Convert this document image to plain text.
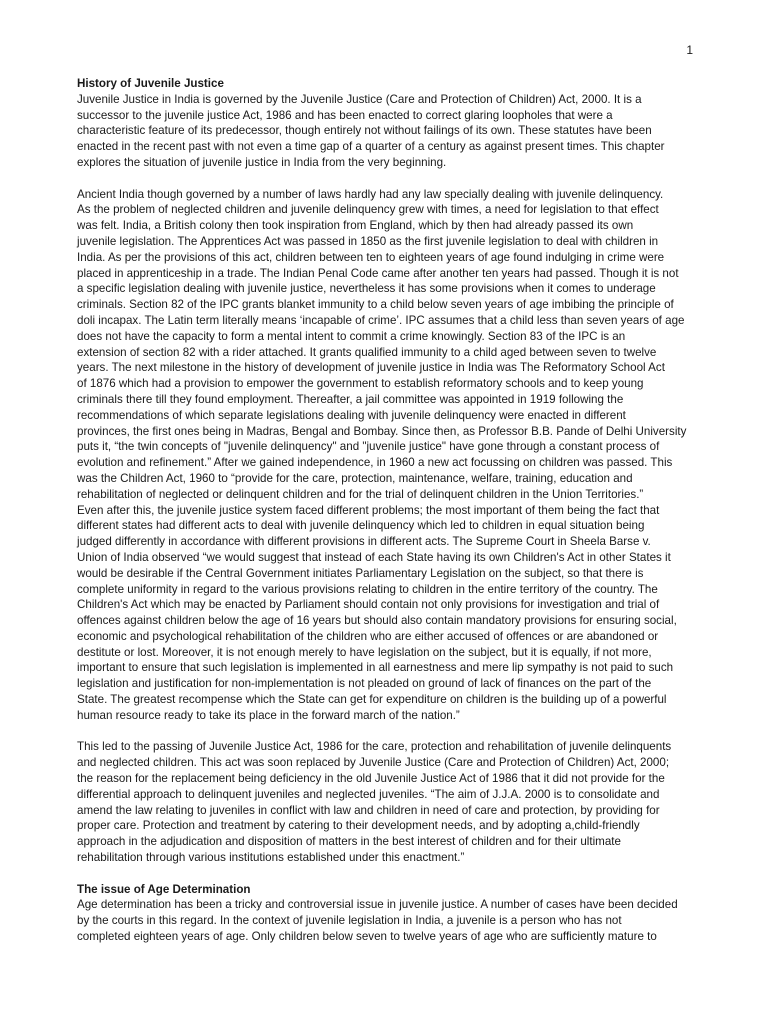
1
History of Juvenile Justice
Juvenile Justice in India is governed by the Juvenile Justice (Care and Protection of Children) Act, 2000. It is a
successor to the juvenile justice Act, 1986 and has been enacted to correct glaring loopholes that were a
characteristic feature of its predecessor, though entirely not without failings of its own. These statutes have been
enacted in the recent past with not even a time gap of a quarter of a century as against present times. This chapter
explores the situation of juvenile justice in India from the very beginning.
Ancient India though governed by a number of laws hardly had any law specially dealing with juvenile delinquency.
As the problem of neglected children and juvenile delinquency grew with times, a need for legislation to that effect
was felt. India, a British colony then took inspiration from England, which by then had already passed its own
juvenile legislation. The Apprentices Act was passed in 1850 as the first juvenile legislation to deal with children in
India. As per the provisions of this act, children between ten to eighteen years of age found indulging in crime were
placed in apprenticeship in a trade. The Indian Penal Code came after another ten years had passed. Though it is not
a specific legislation dealing with juvenile justice, nevertheless it has some provisions when it comes to underage
criminals. Section 82 of the IPC grants blanket immunity to a child below seven years of age imbibing the principle of
doli incapax. The Latin term literally means ‘incapable of crime’. IPC assumes that a child less than seven years of age
does not have the capacity to form a mental intent to commit a crime knowingly. Section 83 of the IPC is an
extension of section 82 with a rider attached. It grants qualified immunity to a child aged between seven to twelve
years. The next milestone in the history of development of juvenile justice in India was The Reformatory School Act
of 1876 which had a provision to empower the government to establish reformatory schools and to keep young
criminals there till they found employment. Thereafter, a jail committee was appointed in 1919 following the
recommendations of which separate legislations dealing with juvenile delinquency were enacted in different
provinces, the first ones being in Madras, Bengal and Bombay. Since then, as Professor B.B. Pande of Delhi University
puts it, “the twin concepts of "juvenile delinquency" and "juvenile justice" have gone through a constant process of
evolution and refinement.” After we gained independence, in 1960 a new act focussing on children was passed. This
was the Children Act, 1960 to “provide for the care, protection, maintenance, welfare, training, education and
rehabilitation of neglected or delinquent children and for the trial of delinquent children in the Union Territories.”
Even after this, the juvenile justice system faced different problems; the most important of them being the fact that
different states had different acts to deal with juvenile delinquency which led to children in equal situation being
judged differently in accordance with different provisions in different acts. The Supreme Court in Sheela Barse v.
Union of India observed “we would suggest that instead of each State having its own Children's Act in other States it
would be desirable if the Central Government initiates Parliamentary Legislation on the subject, so that there is
complete uniformity in regard to the various provisions relating to children in the entire territory of the country. The
Children's Act which may be enacted by Parliament should contain not only provisions for investigation and trial of
offences against children below the age of 16 years but should also contain mandatory provisions for ensuring social,
economic and psychological rehabilitation of the children who are either accused of offences or are abandoned or
destitute or lost. Moreover, it is not enough merely to have legislation on the subject, but it is equally, if not more,
important to ensure that such legislation is implemented in all earnestness and mere lip sympathy is not paid to such
legislation and justification for non-implementation is not pleaded on ground of lack of finances on the part of the
State. The greatest recompense which the State can get for expenditure on children is the building up of a powerful
human resource ready to take its place in the forward march of the nation.”
This led to the passing of Juvenile Justice Act, 1986 for the care, protection and rehabilitation of juvenile delinquents
and neglected children. This act was soon replaced by Juvenile Justice (Care and Protection of Children) Act, 2000;
the reason for the replacement being deficiency in the old Juvenile Justice Act of 1986 that it did not provide for the
differential approach to delinquent juveniles and neglected juveniles. “The aim of J.J.A. 2000 is to consolidate and
amend the law relating to juveniles in conflict with law and children in need of care and protection, by providing for
proper care. Protection and treatment by catering to their development needs, and by adopting a,child-friendly
approach in the adjudication and disposition of matters in the best interest of children and for their ultimate
rehabilitation through various institutions established under this enactment.”
The issue of Age Determination
Age determination has been a tricky and controversial issue in juvenile justice. A number of cases have been decided
by the courts in this regard. In the context of juvenile legislation in India, a juvenile is a person who has not
completed eighteen years of age. Only children below seven to twelve years of age who are sufficiently mature to
